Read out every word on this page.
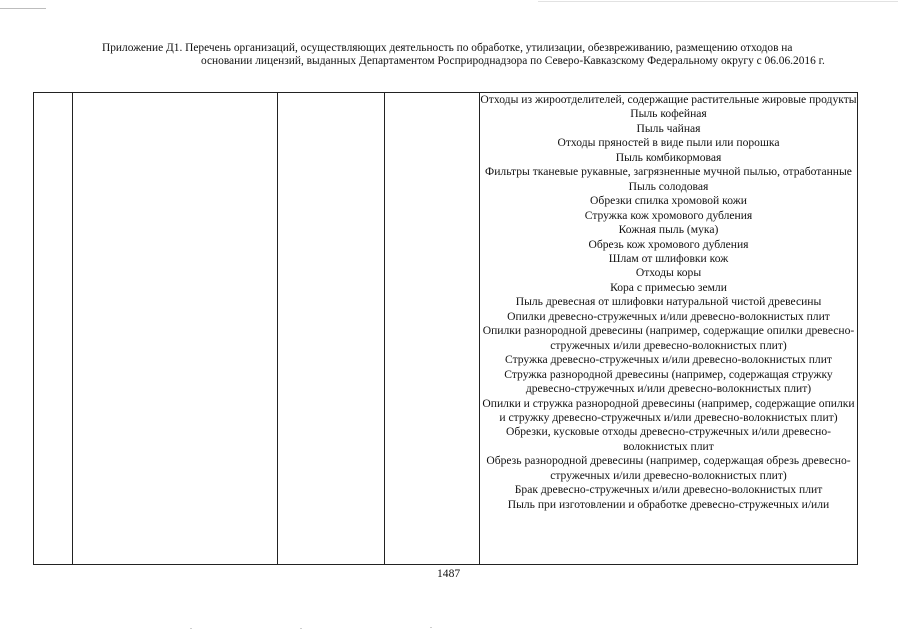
Приложение Д1. Перечень организаций, осуществляющих деятельность по обработке, утилизации, обезвреживанию, размещению отходов на
основании лицензий, выданных Департаментом Росприроднадзора по Северо-Кавказскому Федеральному округу с 06.06.2016 г.

Отходы из жироотделителей, содержащие растительные жировые продукты
Пыль кофейная
Пыль чайная
Отходы пряностей в виде пыли или порошка
Пыль комбикормовая
Фильтры тканевые рукавные, загрязненные мучной пылью, отработанные
Пыль солодовая
Обрезки спилка хромовой кожи
Стружка кож хромового дубления
Кожная пыль (мука)
Обрезь кож хромового дубления
Шлам от шлифовки кож
Отходы коры
Кора с примесью земли
Пыль древесная от шлифовки натуральной чистой древесины
Опилки древесно-стружечных и/или древесно-волокнистых плит
Опилки разнородной древесины (например, содержащие опилки древесно-стружечных и/или древесно-волокнистых плит)
Стружка древесно-стружечных и/или древесно-волокнистых плит
Стружка разнородной древесины (например, содержащая стружку древесно-стружечных и/или древесно-волокнистых плит)
Опилки и стружка разнородной древесины (например, содержащие опилки и стружку древесно-стружечных и/или древесно-волокнистых плит)
Обрезки, кусковые отходы древесно-стружечных и/или древесно-волокнистых плит
Обрезь разнородной древесины (например, содержащая обрезь древесно-стружечных и/или древесно-волокнистых плит)
Брак древесно-стружечных и/или древесно-волокнистых плит
Пыль при изготовлении и обработке древесно-стружечных и/или
1487
